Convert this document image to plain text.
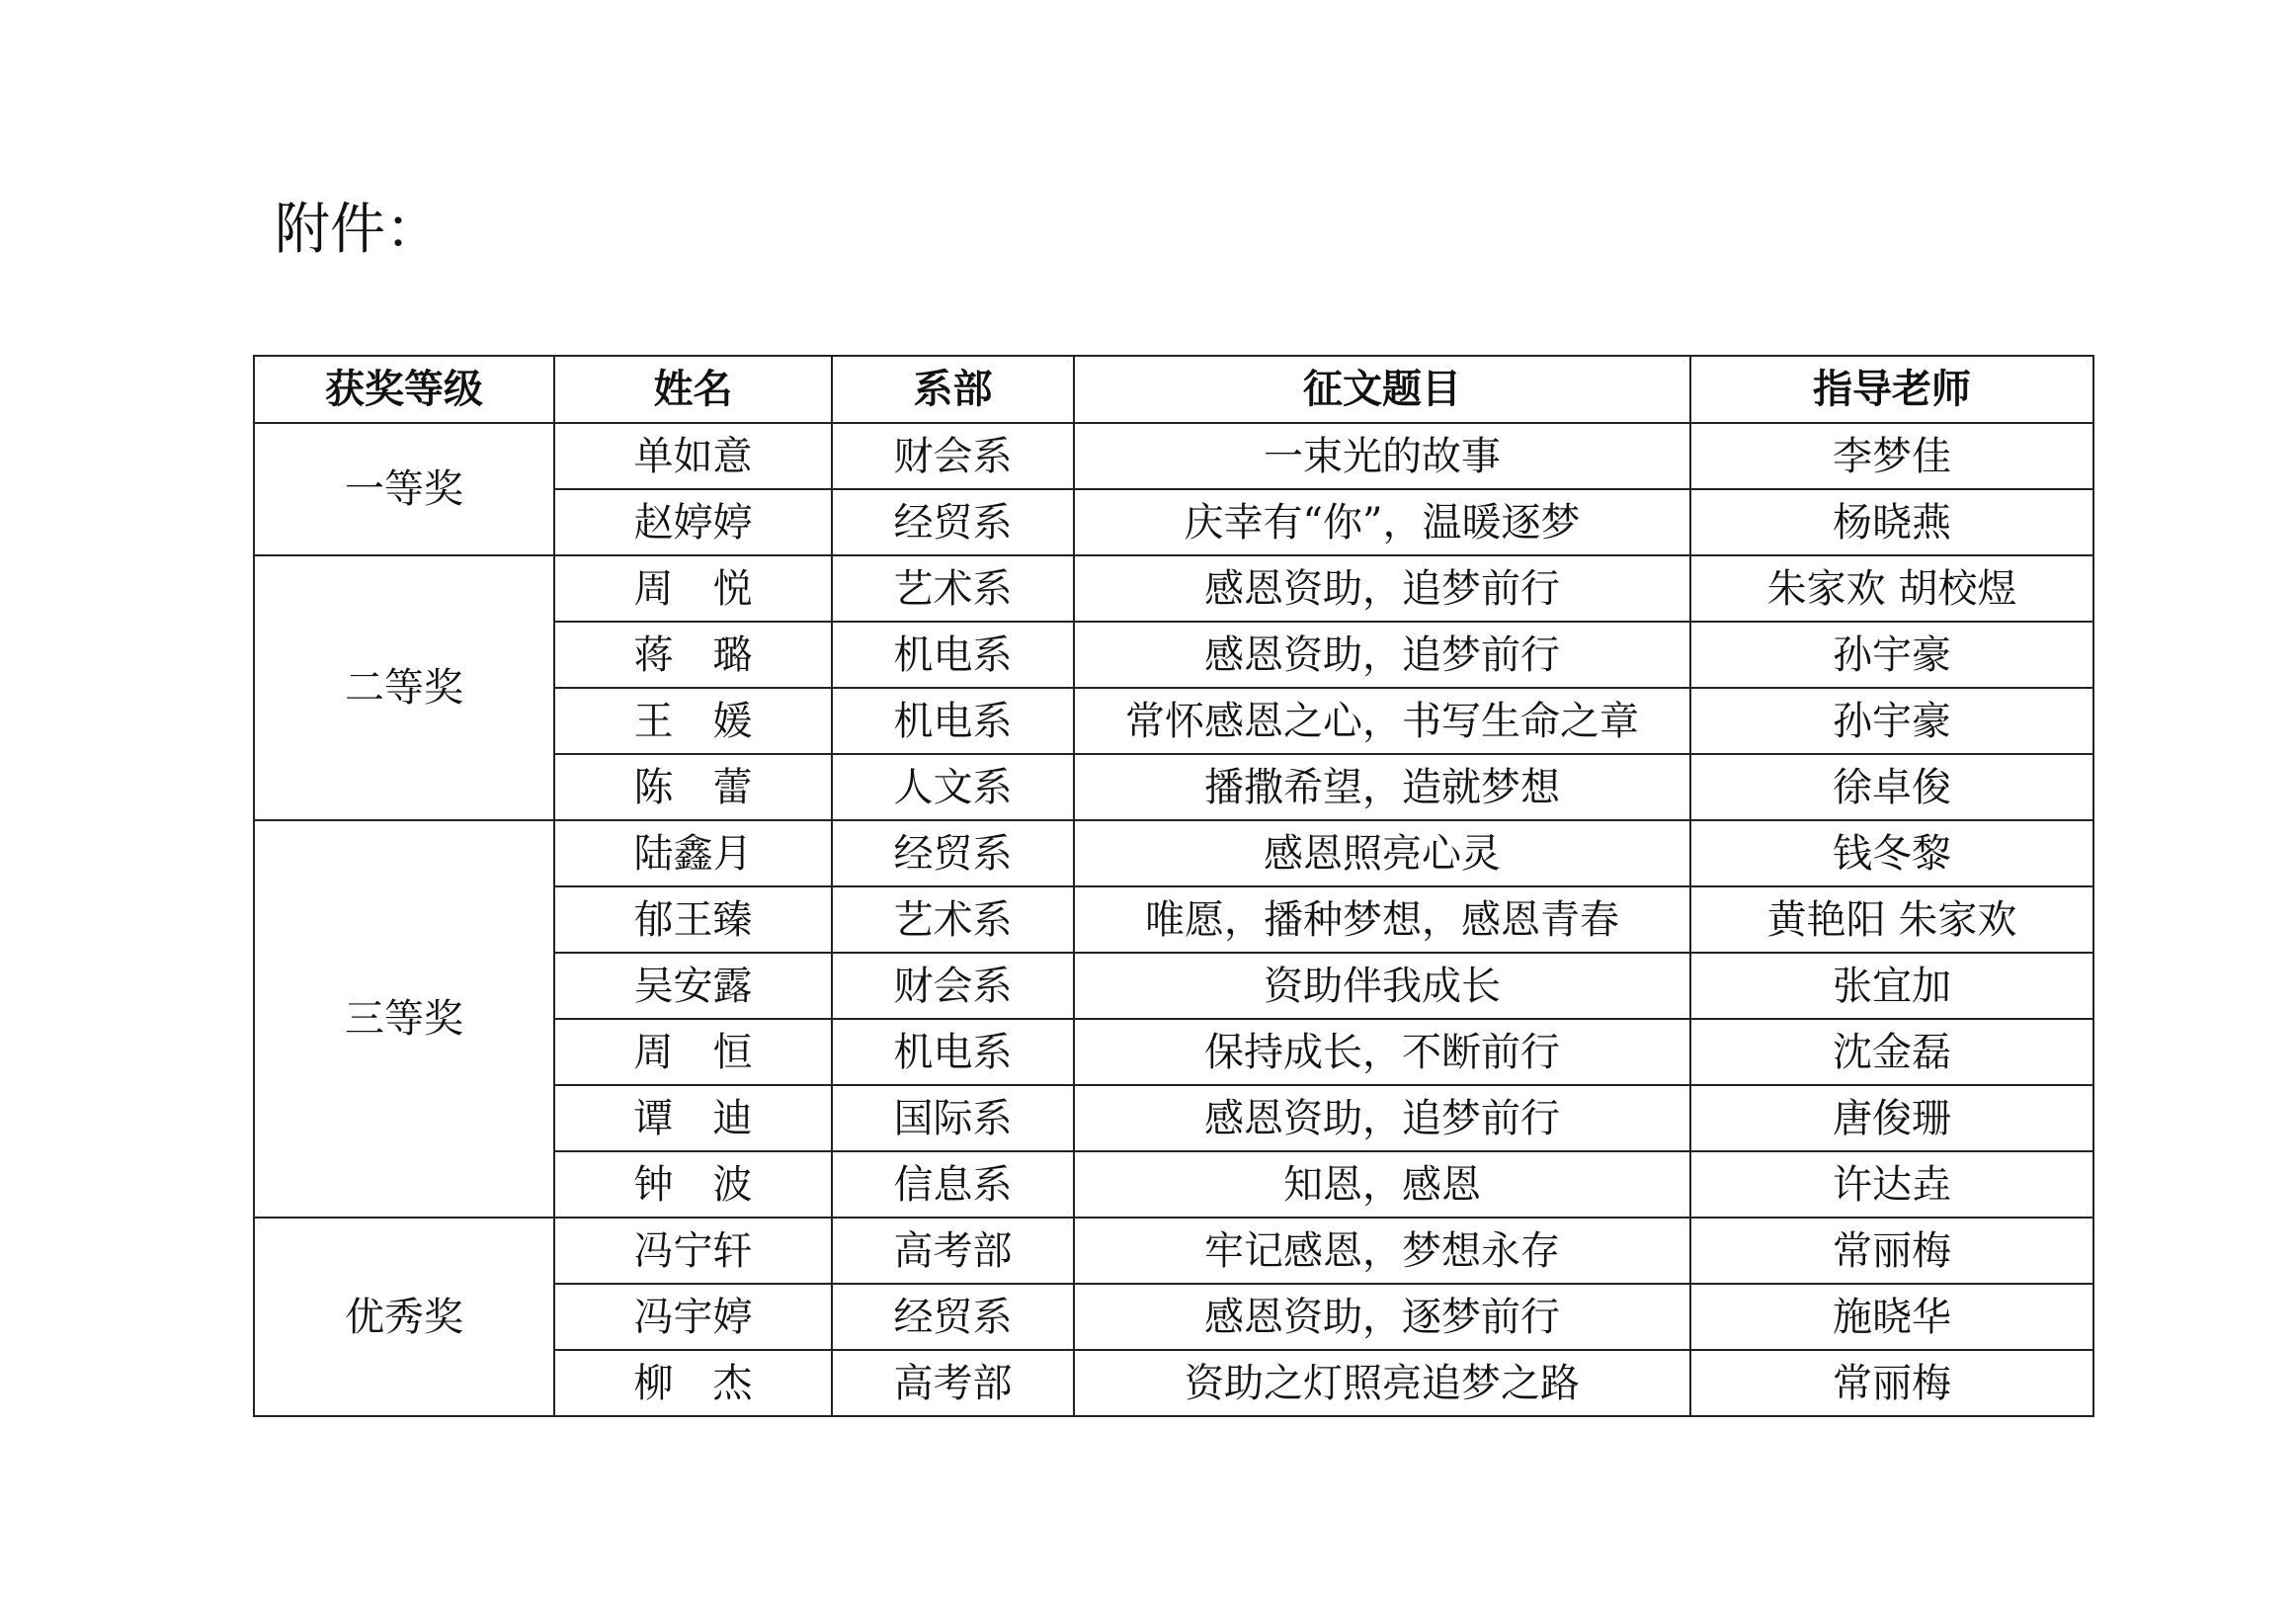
附件：
获奖等级	姓名	系部	征文题目	指导老师
一等奖	单如意	财会系	一束光的故事	李梦佳
	赵婷婷	经贸系	庆幸有“你”，温暖逐梦	杨晓燕
二等奖	周　悦	艺术系	感恩资助，追梦前行	朱家欢 胡校煜
	蒋　璐	机电系	感恩资助，追梦前行	孙宇豪
	王　媛	机电系	常怀感恩之心，书写生命之章	孙宇豪
	陈　蕾	人文系	播撒希望，造就梦想	徐卓俊
三等奖	陆鑫月	经贸系	感恩照亮心灵	钱冬黎
	郁王臻	艺术系	唯愿，播种梦想，感恩青春	黄艳阳 朱家欢
	吴安露	财会系	资助伴我成长	张宜加
	周　恒	机电系	保持成长，不断前行	沈金磊
	谭　迪	国际系	感恩资助，追梦前行	唐俊珊
	钟　波	信息系	知恩，感恩	许达垚
优秀奖	冯宁轩	高考部	牢记感恩，梦想永存	常丽梅
	冯宇婷	经贸系	感恩资助，逐梦前行	施晓华
	柳　杰	高考部	资助之灯照亮追梦之路	常丽梅
